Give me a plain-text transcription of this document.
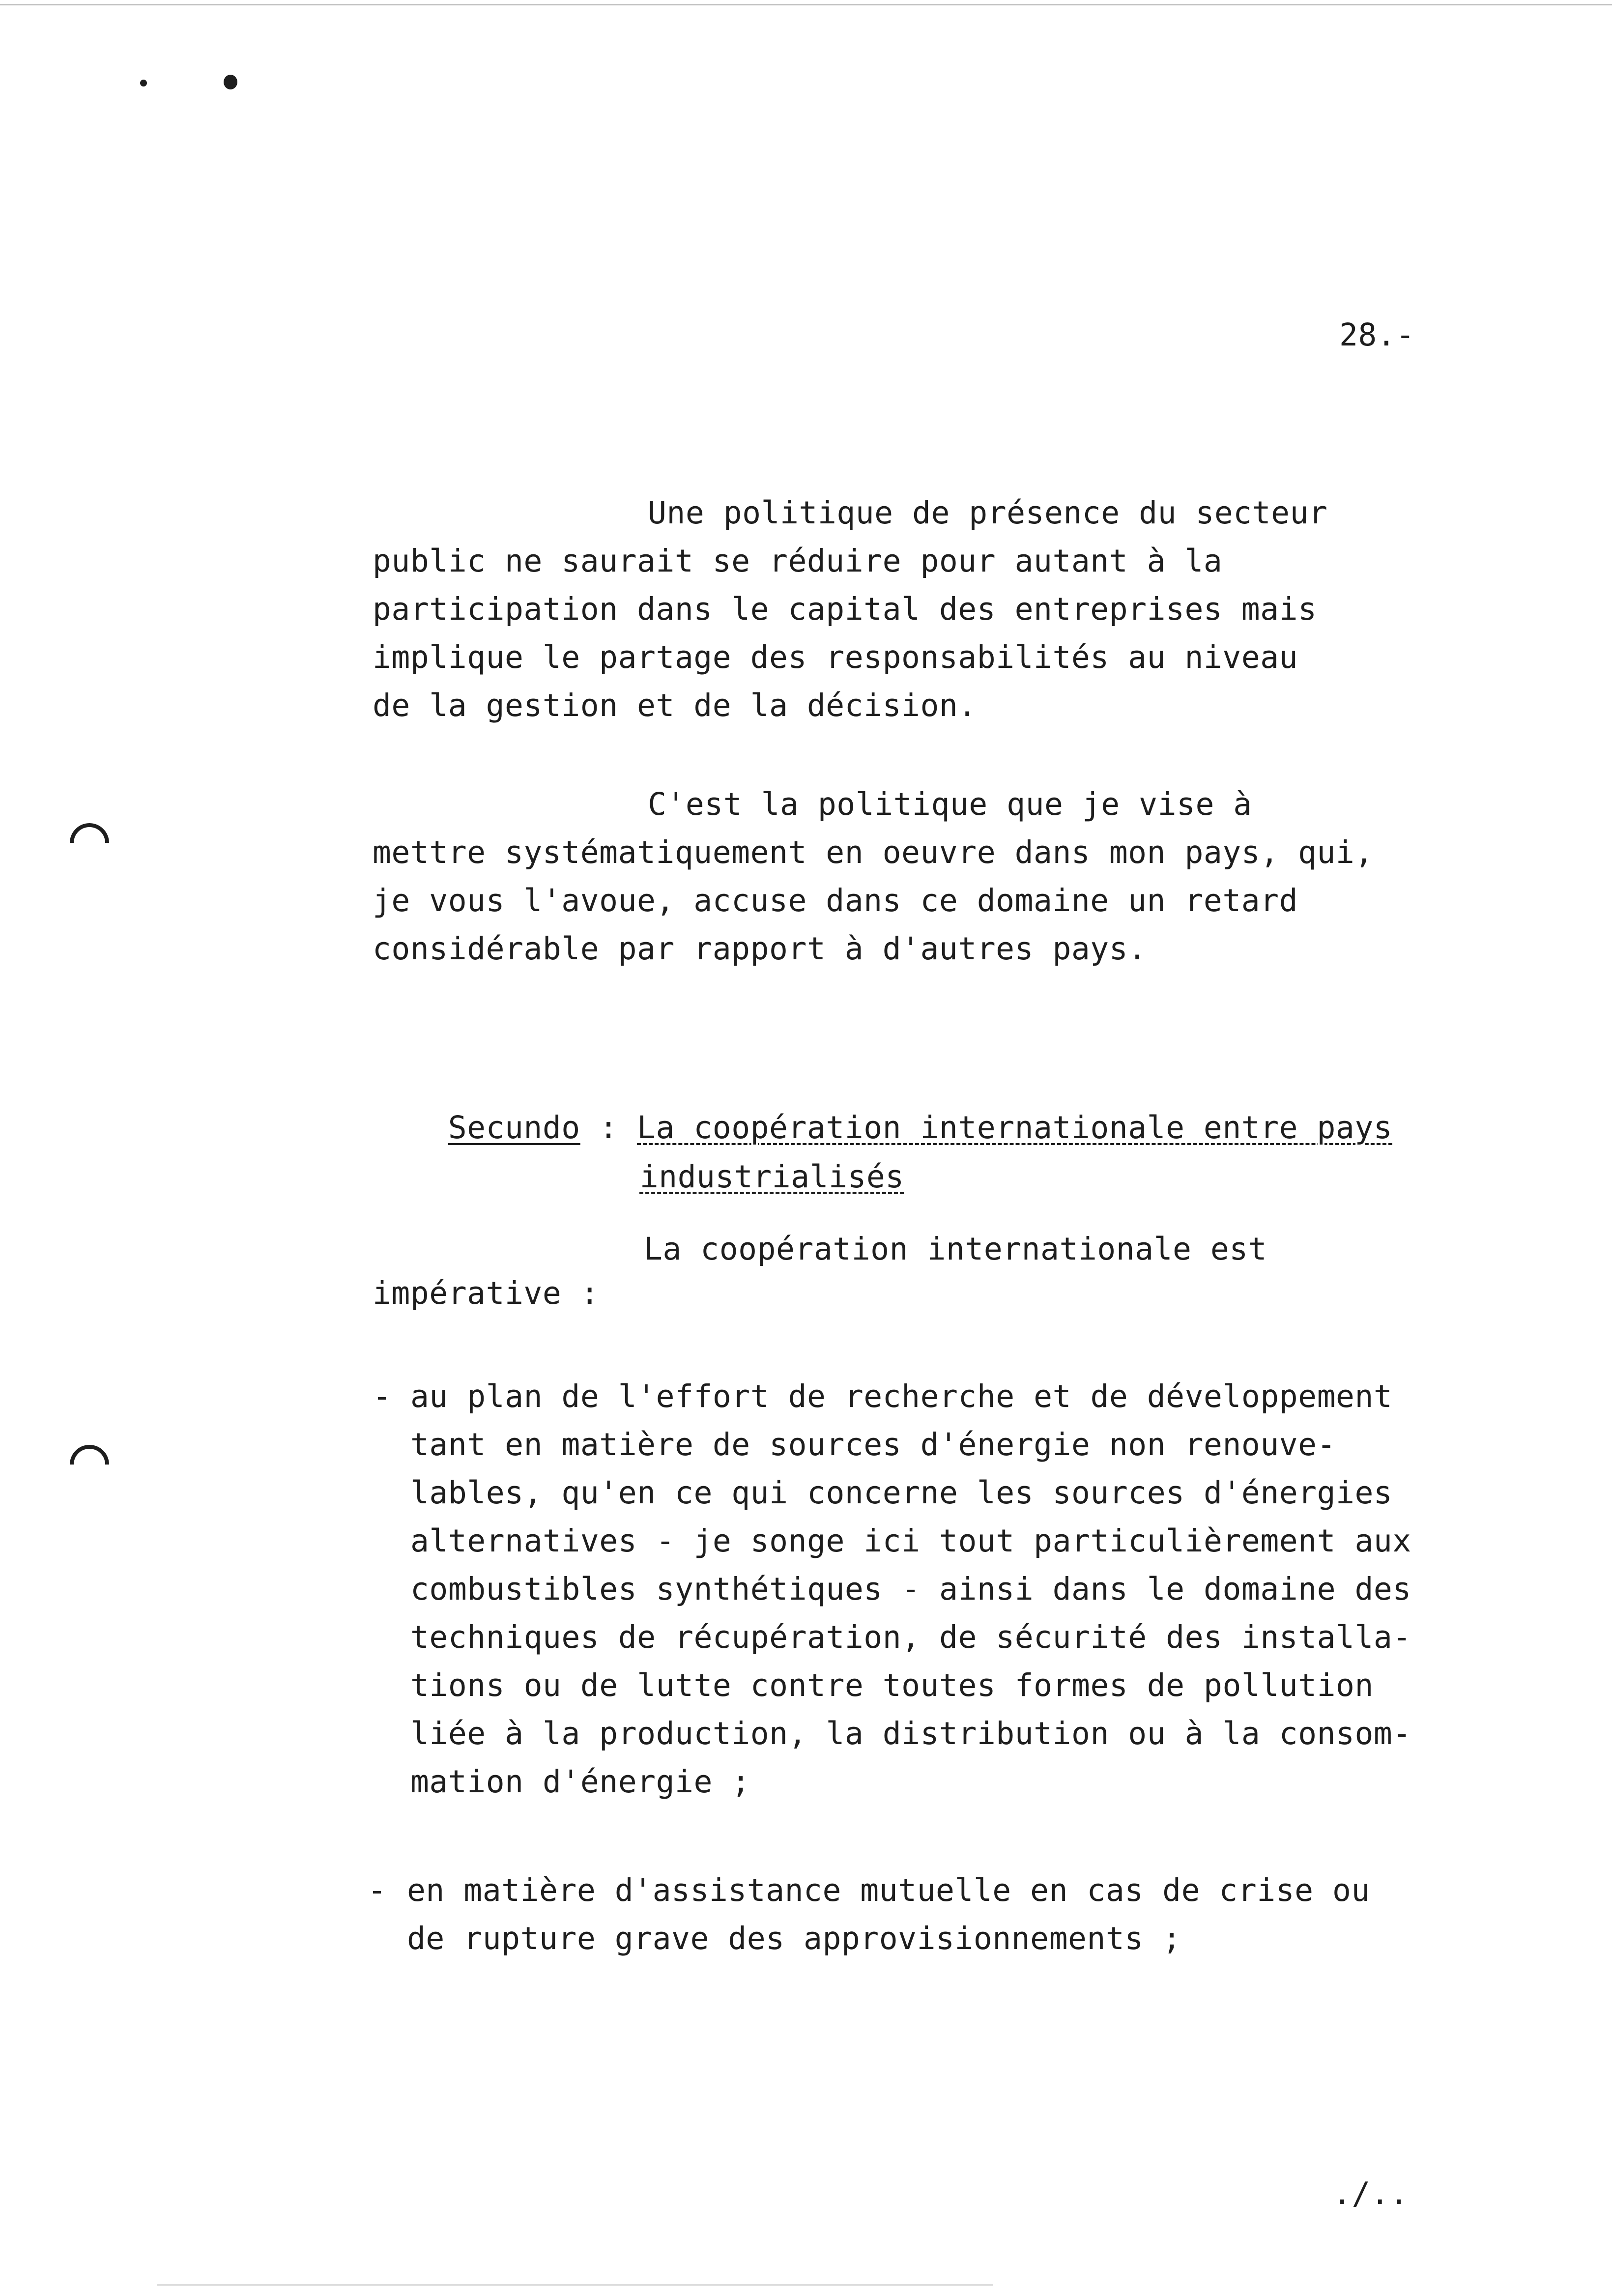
28.-
Une politique de présence du secteur
public ne saurait se réduire pour autant à la
participation dans le capital des entreprises mais
implique le partage des responsabilités au niveau
de la gestion et de la décision.
C'est la politique que je vise à
mettre systématiquement en oeuvre dans mon pays, qui,
je vous l'avoue, accuse dans ce domaine un retard
considérable par rapport à d'autres pays.

Secundo : La coopération internationale entre pays

industrialisés

La coopération internationale est
impérative :
- au plan de l'effort de recherche et de développement
tant en matière de sources d'énergie non renouve-
lables, qu'en ce qui concerne les sources d'énergies
alternatives - je songe ici tout particulièrement aux
combustibles synthétiques - ainsi dans le domaine des
techniques de récupération, de sécurité des installa-
tions ou de lutte contre toutes formes de pollution
liée à la production, la distribution ou à la consom-
mation d'énergie ;
- en matière d'assistance mutuelle en cas de crise ou
de rupture grave des approvisionnements ;
./..
